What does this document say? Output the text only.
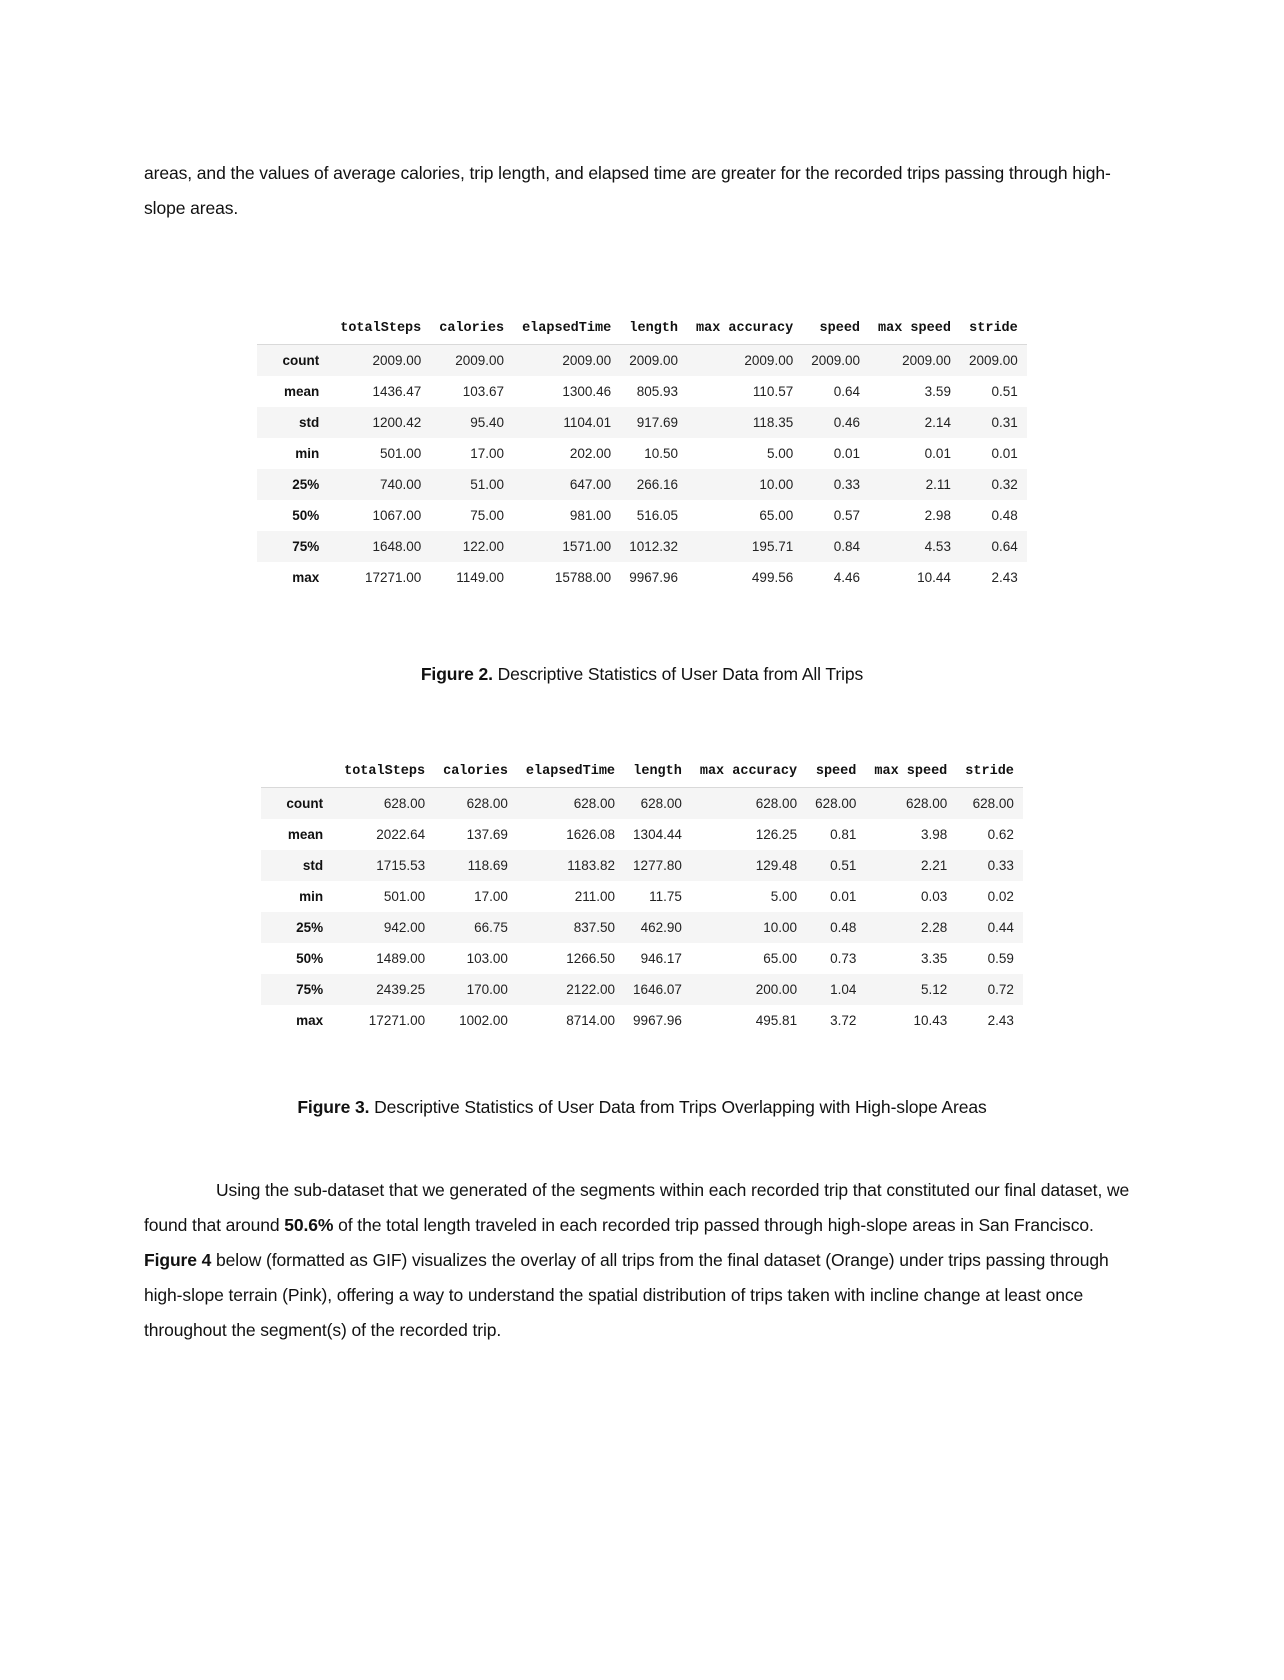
areas, and the values of average calories, trip length, and elapsed time are greater for the recorded trips passing through high-slope areas.

	totalSteps	calories	elapsedTime	length	max accuracy	speed	max speed	stride
count	2009.00	2009.00	2009.00	2009.00	2009.00	2009.00	2009.00	2009.00
mean	1436.47	103.67	1300.46	805.93	110.57	0.64	3.59	0.51
std	1200.42	95.40	1104.01	917.69	118.35	0.46	2.14	0.31
min	501.00	17.00	202.00	10.50	5.00	0.01	0.01	0.01
25%	740.00	51.00	647.00	266.16	10.00	0.33	2.11	0.32
50%	1067.00	75.00	981.00	516.05	65.00	0.57	2.98	0.48
75%	1648.00	122.00	1571.00	1012.32	195.71	0.84	4.53	0.64
max	17271.00	1149.00	15788.00	9967.96	499.56	4.46	10.44	2.43

Figure 2. Descriptive Statistics of User Data from All Trips

	totalSteps	calories	elapsedTime	length	max accuracy	speed	max speed	stride
count	628.00	628.00	628.00	628.00	628.00	628.00	628.00	628.00
mean	2022.64	137.69	1626.08	1304.44	126.25	0.81	3.98	0.62
std	1715.53	118.69	1183.82	1277.80	129.48	0.51	2.21	0.33
min	501.00	17.00	211.00	11.75	5.00	0.01	0.03	0.02
25%	942.00	66.75	837.50	462.90	10.00	0.48	2.28	0.44
50%	1489.00	103.00	1266.50	946.17	65.00	0.73	3.35	0.59
75%	2439.25	170.00	2122.00	1646.07	200.00	1.04	5.12	0.72
max	17271.00	1002.00	8714.00	9967.96	495.81	3.72	10.43	2.43

Figure 3. Descriptive Statistics of User Data from Trips Overlapping with High-slope Areas

Using the sub-dataset that we generated of the segments within each recorded trip that constituted our final dataset, we found that around 50.6% of the total length traveled in each recorded trip passed through high-slope areas in San Francisco. Figure 4 below (formatted as GIF) visualizes the overlay of all trips from the final dataset (Orange) under trips passing through high-slope terrain (Pink), offering a way to understand the spatial distribution of trips taken with incline change at least once throughout the segment(s) of the recorded trip.
